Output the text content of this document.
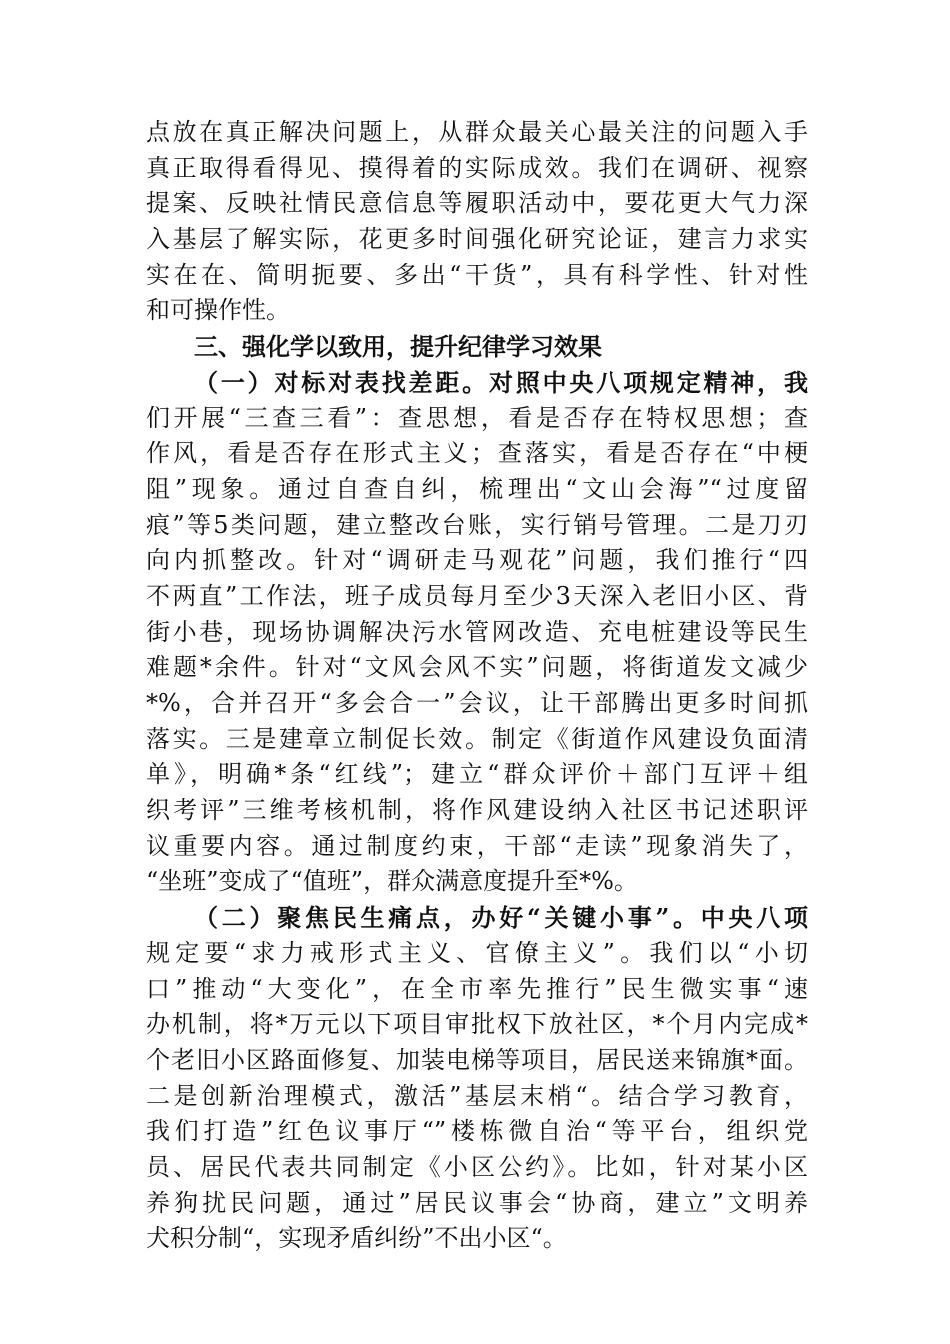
点放在真正解决问题上，从群众最关心最关注的问题入手
真正取得看得见、摸得着的实际成效。我们在调研、视察
提案、反映社情民意信息等履职活动中，要花更大气力深
入基层了解实际，花更多时间强化研究论证，建言力求实
实在在、简明扼要、多出“干货”，具有科学性、针对性
和可操作性。
三、强化学以致用，提升纪律学习效果
（一）对标对表找差距。对照中央八项规定精神，我
们开展“三查三看”：查思想，看是否存在特权思想；查
作风，看是否存在形式主义；查落实，看是否存在“中梗
阻”现象。通过自查自纠，梳理出“文山会海”“过度留
痕”等5类问题，建立整改台账，实行销号管理。二是刀刃
向内抓整改。针对“调研走马观花”问题，我们推行“四
不两直”工作法，班子成员每月至少3天深入老旧小区、背
街小巷，现场协调解决污水管网改造、充电桩建设等民生
难题*余件。针对“文风会风不实”问题，将街道发文减少
*%，合并召开“多会合一”会议，让干部腾出更多时间抓
落实。三是建章立制促长效。制定《街道作风建设负面清
单》，明确*条“红线”；建立“群众评价＋部门互评＋组
织考评”三维考核机制，将作风建设纳入社区书记述职评
议重要内容。通过制度约束，干部“走读”现象消失了，
“坐班”变成了“值班”，群众满意度提升至*%。
（二）聚焦民生痛点，办好“关键小事”。中央八项
规定要“求力戒形式主义、官僚主义”。我们以“小切
口”推动“大变化”，在全市率先推行”民生微实事“速
办机制，将*万元以下项目审批权下放社区，*个月内完成*
个老旧小区路面修复、加装电梯等项目，居民送来锦旗*面。
二是创新治理模式，激活”基层末梢“。结合学习教育，
我们打造”红色议事厅“”楼栋微自治“等平台，组织党
员、居民代表共同制定《小区公约》。比如，针对某小区
养狗扰民问题，通过”居民议事会“协商，建立”文明养
犬积分制“，实现矛盾纠纷”不出小区“。
